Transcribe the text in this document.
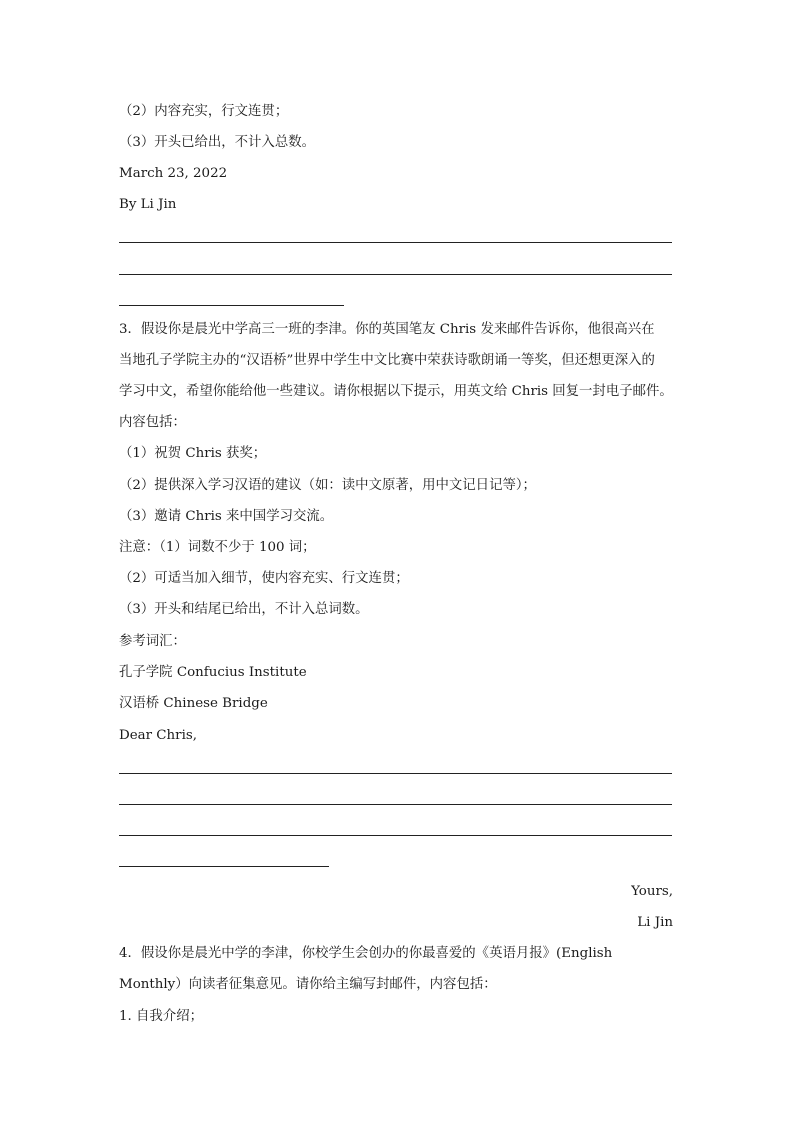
（2）内容充实，行文连贯；
（3）开头已给出，不计入总数。
March 23, 2022
By Li Jin
3．假设你是晨光中学高三一班的李津。你的英国笔友 Chris 发来邮件告诉你，他很高兴在
当地孔子学院主办的“汉语桥”世界中学生中文比赛中荣获诗歌朗诵一等奖，但还想更深入的
学习中文，希望你能给他一些建议。请你根据以下提示，用英文给 Chris 回复一封电子邮件。
内容包括：
（1）祝贺 Chris 获奖；
（2）提供深入学习汉语的建议（如：读中文原著，用中文记日记等）；
（3）邀请 Chris 来中国学习交流。
注意：（1）词数不少于 100 词；
（2）可适当加入细节，使内容充实、行文连贯；
（3）开头和结尾已给出，不计入总词数。
参考词汇：
孔子学院 Confucius Institute
汉语桥 Chinese Bridge
Dear Chris,
Yours,
Li Jin
4．假设你是晨光中学的李津，你校学生会创办的你最喜爱的《英语月报》(English
Monthly）向读者征集意见。请你给主编写封邮件，内容包括：
1. 自我介绍；
